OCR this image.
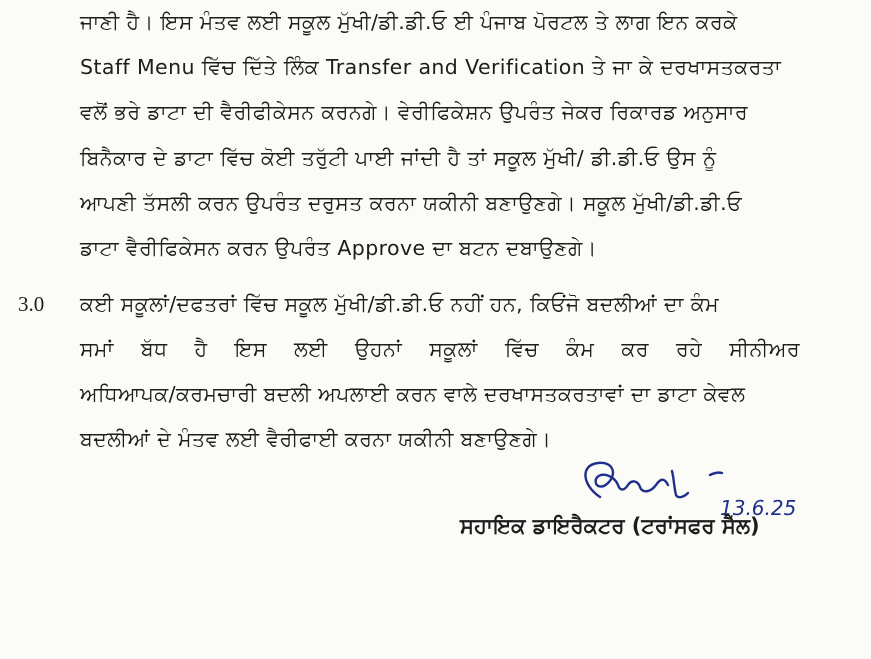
ਜਾਣੀ ਹੈ। ਇਸ ਮੰਤਵ ਲਈ ਸਕੂਲ ਮੁੱਖੀ/ਡੀ.ਡੀ.ਓ ਈ ਪੰਜਾਬ ਪੋਰਟਲ ਤੇ ਲਾਗ ਇਨ ਕਰਕੇ
Staff Menu ਵਿੱਚ ਦਿੱਤੇ ਲਿੰਕ Transfer and Verification ਤੇ ਜਾ ਕੇ ਦਰਖਾਸਤਕਰਤਾ
ਵਲੋਂ ਭਰੇ ਡਾਟਾ ਦੀ ਵੈਰੀਫੀਕੇਸਨ ਕਰਨਗੇ। ਵੇਰੀਫਿਕੇਸ਼ਨ ਉਪਰੰਤ ਜੇਕਰ ਰਿਕਾਰਡ ਅਨੁਸਾਰ
ਬਿਨੈਕਾਰ ਦੇ ਡਾਟਾ ਵਿੱਚ ਕੋਈ ਤਰੁੱਟੀ ਪਾਈ ਜਾਂਦੀ ਹੈ ਤਾਂ ਸਕੂਲ ਮੁੱਖੀ/ ਡੀ.ਡੀ.ਓ ਉਸ ਨੂੰ
ਆਪਣੀ ਤੱਸਲੀ ਕਰਨ ਉਪਰੰਤ ਦਰੁਸਤ ਕਰਨਾ ਯਕੀਨੀ ਬਣਾਉਣਗੇ। ਸਕੂਲ ਮੁੱਖੀ/ਡੀ.ਡੀ.ਓ
ਡਾਟਾ ਵੈਰੀਫਿਕੇਸਨ ਕਰਨ ਉਪਰੰਤ Approve ਦਾ ਬਟਨ ਦਬਾਉਣਗੇ।
3.0 ਕਈ ਸਕੂਲਾਂ/ਦਫਤਰਾਂ ਵਿੱਚ ਸਕੂਲ ਮੁੱਖੀ/ਡੀ.ਡੀ.ਓ ਨਹੀਂ ਹਨ, ਕਿਓਂਜੋ ਬਦਲੀਆਂ ਦਾ ਕੰਮ
ਸਮਾਂ ਬੱਧ ਹੈ ਇਸ ਲਈ ਉਹਨਾਂ ਸਕੂਲਾਂ ਵਿੱਚ ਕੰਮ ਕਰ ਰਹੇ ਸੀਨੀਅਰ
ਅਧਿਆਪਕ/ਕਰਮਚਾਰੀ ਬਦਲੀ ਅਪਲਾਈ ਕਰਨ ਵਾਲੇ ਦਰਖਾਸਤਕਰਤਾਵਾਂ ਦਾ ਡਾਟਾ ਕੇਵਲ
ਬਦਲੀਆਂ ਦੇ ਮੰਤਵ ਲਈ ਵੈਰੀਫਾਈ ਕਰਨਾ ਯਕੀਨੀ ਬਣਾਉਣਗੇ।
13.6.25
ਸਹਾਇਕ ਡਾਇਰੈਕਟਰ (ਟਰਾਂਸਫਰ ਸੈੱਲ)
